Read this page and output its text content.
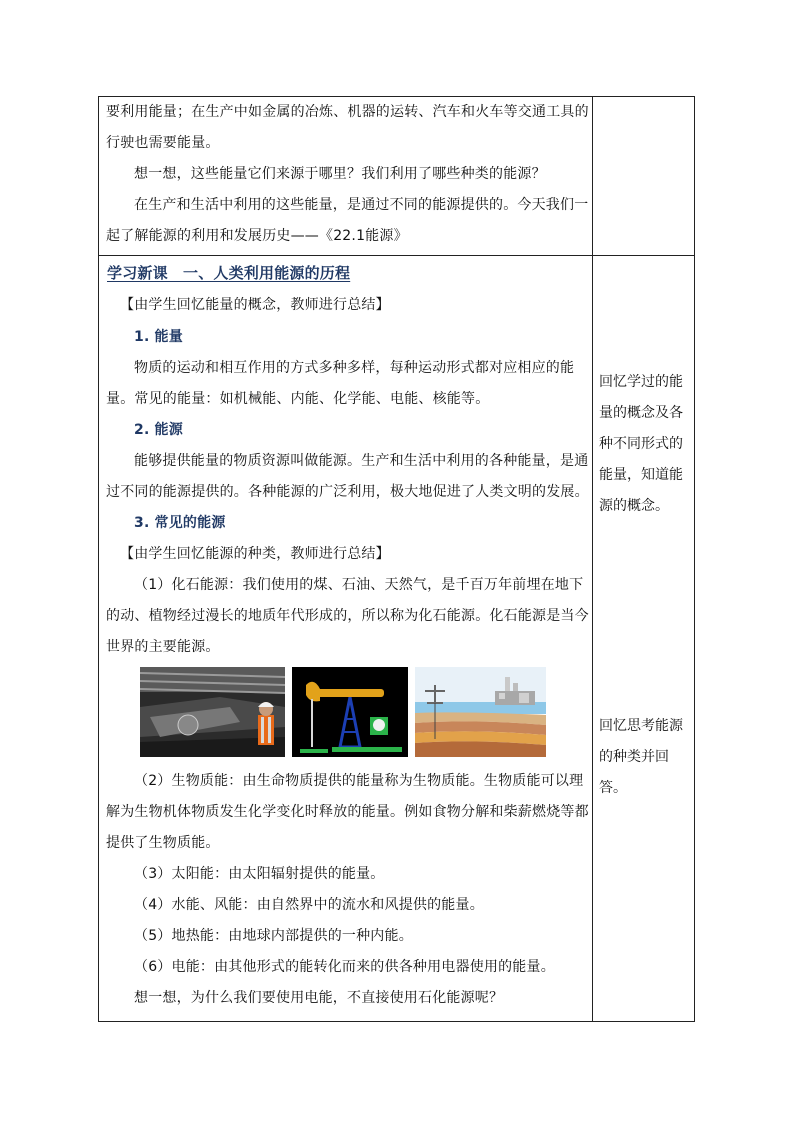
要利用能量；在生产中如金属的冶炼、机器的运转、汽车和火车等交通工具的
行驶也需要能量。
想一想，这些能量它们来源于哪里？我们利用了哪些种类的能源？
在生产和生活中利用的这些能量，是通过不同的能源提供的。今天我们一
起了解能源的利用和发展历史——《22.1能源》
学习新课　一、人类利用能源的历程
【由学生回忆能量的概念，教师进行总结】
1. 能量
物质的运动和相互作用的方式多种多样，每种运动形式都对应相应的能
量。常见的能量：如机械能、内能、化学能、电能、核能等。
2. 能源
能够提供能量的物质资源叫做能源。生产和生活中利用的各种能量，是通
过不同的能源提供的。各种能源的广泛利用，极大地促进了人类文明的发展。
3. 常见的能源
【由学生回忆能源的种类，教师进行总结】
（1）化石能源：我们使用的煤、石油、天然气，是千百万年前埋在地下
的动、植物经过漫长的地质年代形成的，所以称为化石能源。化石能源是当今
世界的主要能源。
（2）生物质能：由生命物质提供的能量称为生物质能。生物质能可以理
解为生物机体物质发生化学变化时释放的能量。例如食物分解和柴薪燃烧等都
提供了生物质能。
（3）太阳能：由太阳辐射提供的能量。
（4）水能、风能：由自然界中的流水和风提供的能量。
（5）地热能：由地球内部提供的一种内能。
（6）电能：由其他形式的能转化而来的供各种用电器使用的能量。
想一想，为什么我们要使用电能，不直接使用石化能源呢？
回忆学过的能
量的概念及各
种不同形式的
能量，知道能
源的概念。
回忆思考能源
的种类并回
答。
